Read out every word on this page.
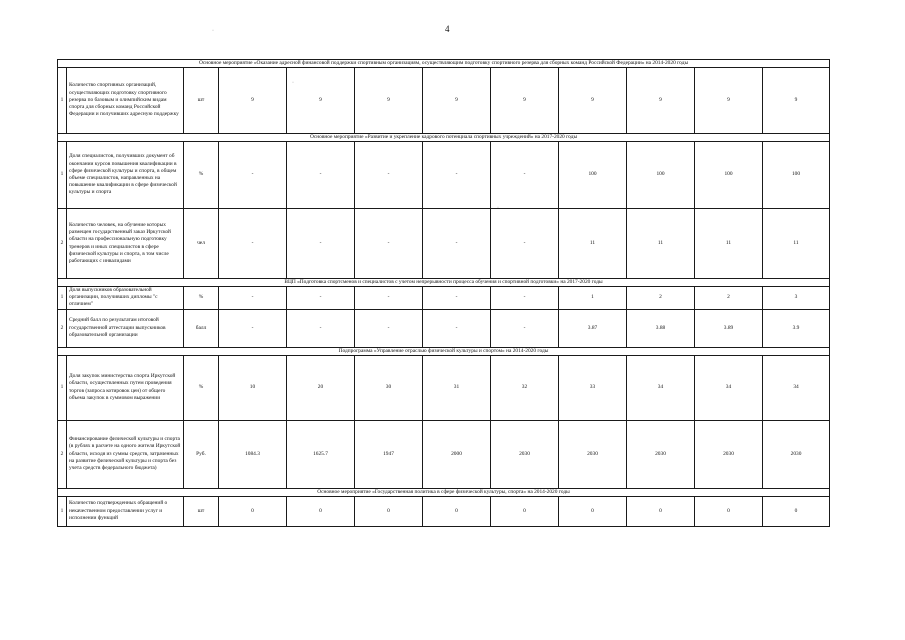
4
·
·
·
Основное мероприятие «Оказание адресной финансовой поддержки спортивным организациям, осуществляющим подготовку спортивного резерва для сборных команд Российской Федерации» на 2014-2020 годы											
1	Количество спортивных организаций, осуществляющих подготовку спортивного резерва по базовым и олимпийским видам спорта для сборных команд Российской Федерации и получивших адресную поддержку	шт	9	9	9	9	9	9	9	9	9
Основное мероприятие «Развитие и укрепление кадрового потенциала спортивных учреждений» на 2017-2020 годы											
1	Доля специалистов, получивших документ об окончании курсов повышения квалификации в сфере физической культуры и спорта, в общем объеме специалистов, направленных на повышение квалификации в сфере физической культуры и спорта	%	-	-	-	-	-	100	100	100	100
2	Количество человек, на обучение которых размещен государственный заказ Иркутской области на профессиональную подготовку тренеров и иных специалистов в сфере физической культуры и спорта, в том числе работающих с инвалидами	чел	-	-	-	-	-	11	11	11	11
ВЦП «Подготовка спортсменов и специалистов с учетом непрерывности процесса обучения и спортивной подготовки» на 2017-2020 годы											
1	Доля выпускников образовательной организации, получивших дипломы "с отличием"	%	-	-	-	-	-	1	2	2	3
2	Средний балл по результатам итоговой государственной аттестации выпускников образовательной организации	балл	-	-	-	-	-	3.87	3.88	3.89	3.9
Подпрограмма «Управление отраслью физической культуры и спортом» на 2014-2020 годы											
1	Доля закупок министерства спорта Иркутской области, осуществленных путем проведения торгов (запроса котировок цен) от общего объема закупок в суммовом выражении	%	10	20	30	31	32	33	34	34	34
2	Финансирование физической культуры и спорта (в рублях в расчете на одного жителя Иркутской области, исходя из суммы средств, затраченных на развитие физической культуры и спорта без учета средств федерального бюджета)	Руб.	1084.3	1625.7	1947	2000	2030	2030	2030	2030	2030
Основное мероприятие «Государственная политика в сфере физической культуры, спорта» на 2014-2020 годы											
1	Количество подтвержденных обращений о некачественном предоставлении услуг и исполнении функций	шт	0	0	0	0	0	0	0	0	0
